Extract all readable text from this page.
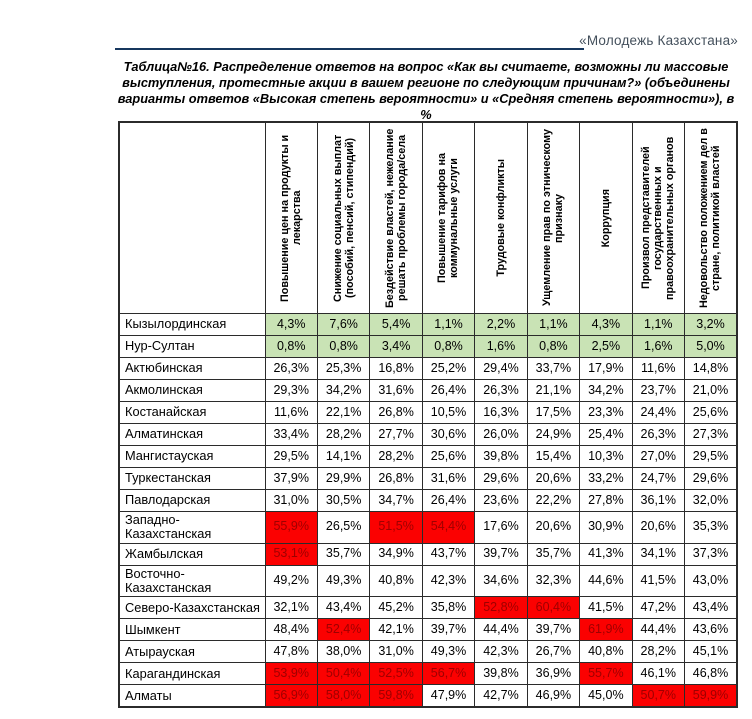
«Молодежь Казахстана»
Таблица№16. Распределение ответов на вопрос «Как вы считаете, возможны ли массовые выступления, протестные акции в вашем регионе по следующим причинам?» (объединены варианты ответов «Высокая степень вероятности» и «Средняя степень вероятности»), в %

	Повышение цен на продукты и лекарства	Снижение социальных выплат (пособий, пенсий, стипендий)	Бездействие властей, нежелание решать проблемы города/села	Повышение тарифов на коммунальные услуги	Трудовые конфликты	Ущемление прав по этническому признаку	Коррупция	Произвол представителей государственных и правоохранительных органов	Недовольство положением дел в стране, политикой властей

Кызылординская	4,3%	7,6%	5,4%	1,1%	2,2%	1,1%	4,3%	1,1%	3,2%
Нур-Султан	0,8%	0,8%	3,4%	0,8%	1,6%	0,8%	2,5%	1,6%	5,0%
Актюбинская	26,3%	25,3%	16,8%	25,2%	29,4%	33,7%	17,9%	11,6%	14,8%
Акмолинская	29,3%	34,2%	31,6%	26,4%	26,3%	21,1%	34,2%	23,7%	21,0%
Костанайская	11,6%	22,1%	26,8%	10,5%	16,3%	17,5%	23,3%	24,4%	25,6%
Алматинская	33,4%	28,2%	27,7%	30,6%	26,0%	24,9%	25,4%	26,3%	27,3%
Мангистауская	29,5%	14,1%	28,2%	25,6%	39,8%	15,4%	10,3%	27,0%	29,5%
Туркестанская	37,9%	29,9%	26,8%	31,6%	29,6%	20,6%	33,2%	24,7%	29,6%
Павлодарская	31,0%	30,5%	34,7%	26,4%	23,6%	22,2%	27,8%	36,1%	32,0%
Западно-Казахстанская	55,9%	26,5%	51,5%	54,4%	17,6%	20,6%	30,9%	20,6%	35,3%
Жамбылская	53,1%	35,7%	34,9%	43,7%	39,7%	35,7%	41,3%	34,1%	37,3%
Восточно-Казахстанская	49,2%	49,3%	40,8%	42,3%	34,6%	32,3%	44,6%	41,5%	43,0%
Северо-Казахстанская	32,1%	43,4%	45,2%	35,8%	52,8%	60,4%	41,5%	47,2%	43,4%
Шымкент	48,4%	52,4%	42,1%	39,7%	44,4%	39,7%	61,9%	44,4%	43,6%
Атырауская	47,8%	38,0%	31,0%	49,3%	42,3%	26,7%	40,8%	28,2%	45,1%
Карагандинская	53,9%	50,4%	52,5%	56,7%	39,8%	36,9%	55,7%	46,1%	46,8%
Алматы	56,9%	58,0%	59,8%	47,9%	42,7%	46,9%	45,0%	50,7%	59,9%
